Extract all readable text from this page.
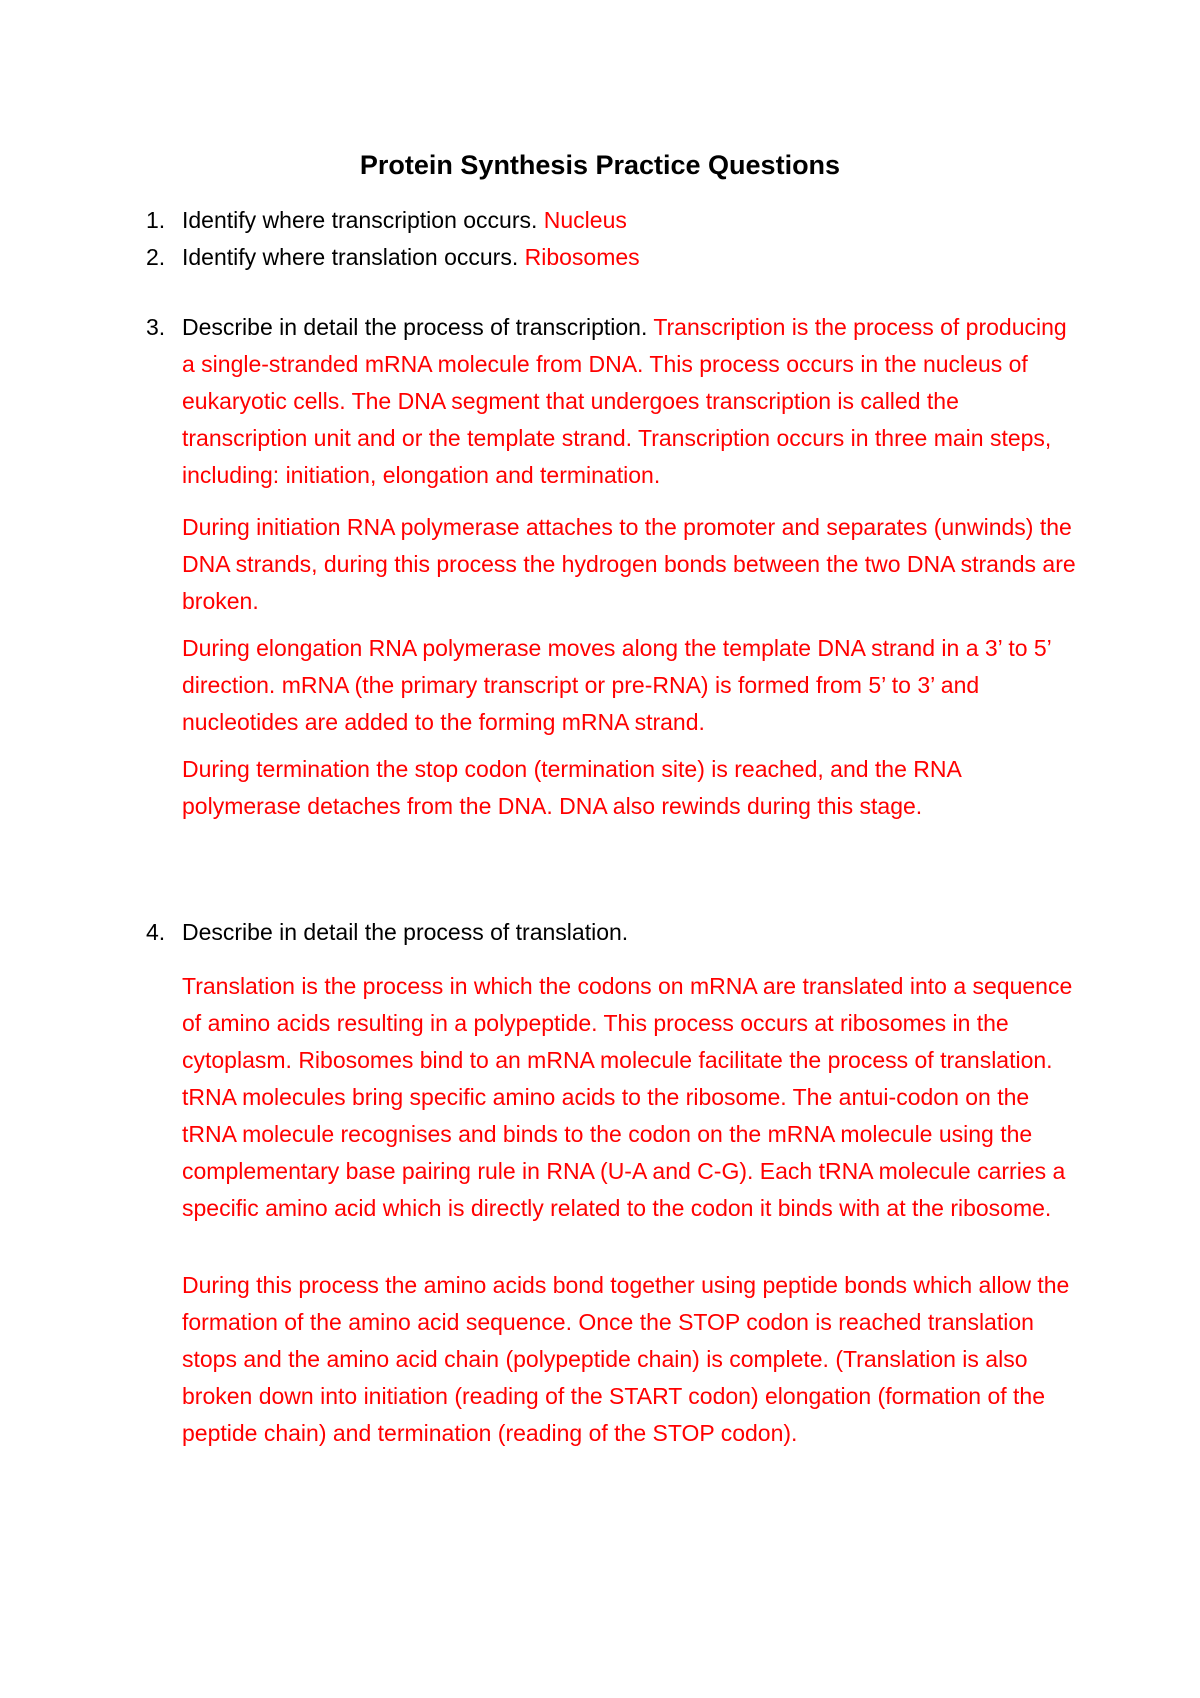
Protein Synthesis Practice Questions
1. Identify where transcription occurs. Nucleus
2. Identify where translation occurs. Ribosomes
3. Describe in detail the process of transcription. Transcription is the process of producing a single-stranded mRNA molecule from DNA. This process occurs in the nucleus of eukaryotic cells. The DNA segment that undergoes transcription is called the transcription unit and or the template strand. Transcription occurs in three main steps, including: initiation, elongation and termination.
During initiation RNA polymerase attaches to the promoter and separates (unwinds) the DNA strands, during this process the hydrogen bonds between the two DNA strands are broken.
During elongation RNA polymerase moves along the template DNA strand in a 3’ to 5’ direction. mRNA (the primary transcript or pre-RNA) is formed from 5’ to 3’ and nucleotides are added to the forming mRNA strand.
During termination the stop codon (termination site) is reached, and the RNA polymerase detaches from the DNA. DNA also rewinds during this stage.
4. Describe in detail the process of translation.
Translation is the process in which the codons on mRNA are translated into a sequence of amino acids resulting in a polypeptide. This process occurs at ribosomes in the cytoplasm. Ribosomes bind to an mRNA molecule facilitate the process of translation. tRNA molecules bring specific amino acids to the ribosome. The antui-codon on the tRNA molecule recognises and binds to the codon on the mRNA molecule using the complementary base pairing rule in RNA (U-A and C-G). Each tRNA molecule carries a specific amino acid which is directly related to the codon it binds with at the ribosome.
During this process the amino acids bond together using peptide bonds which allow the formation of the amino acid sequence. Once the STOP codon is reached translation stops and the amino acid chain (polypeptide chain) is complete. (Translation is also broken down into initiation (reading of the START codon) elongation (formation of the peptide chain) and termination (reading of the STOP codon).
